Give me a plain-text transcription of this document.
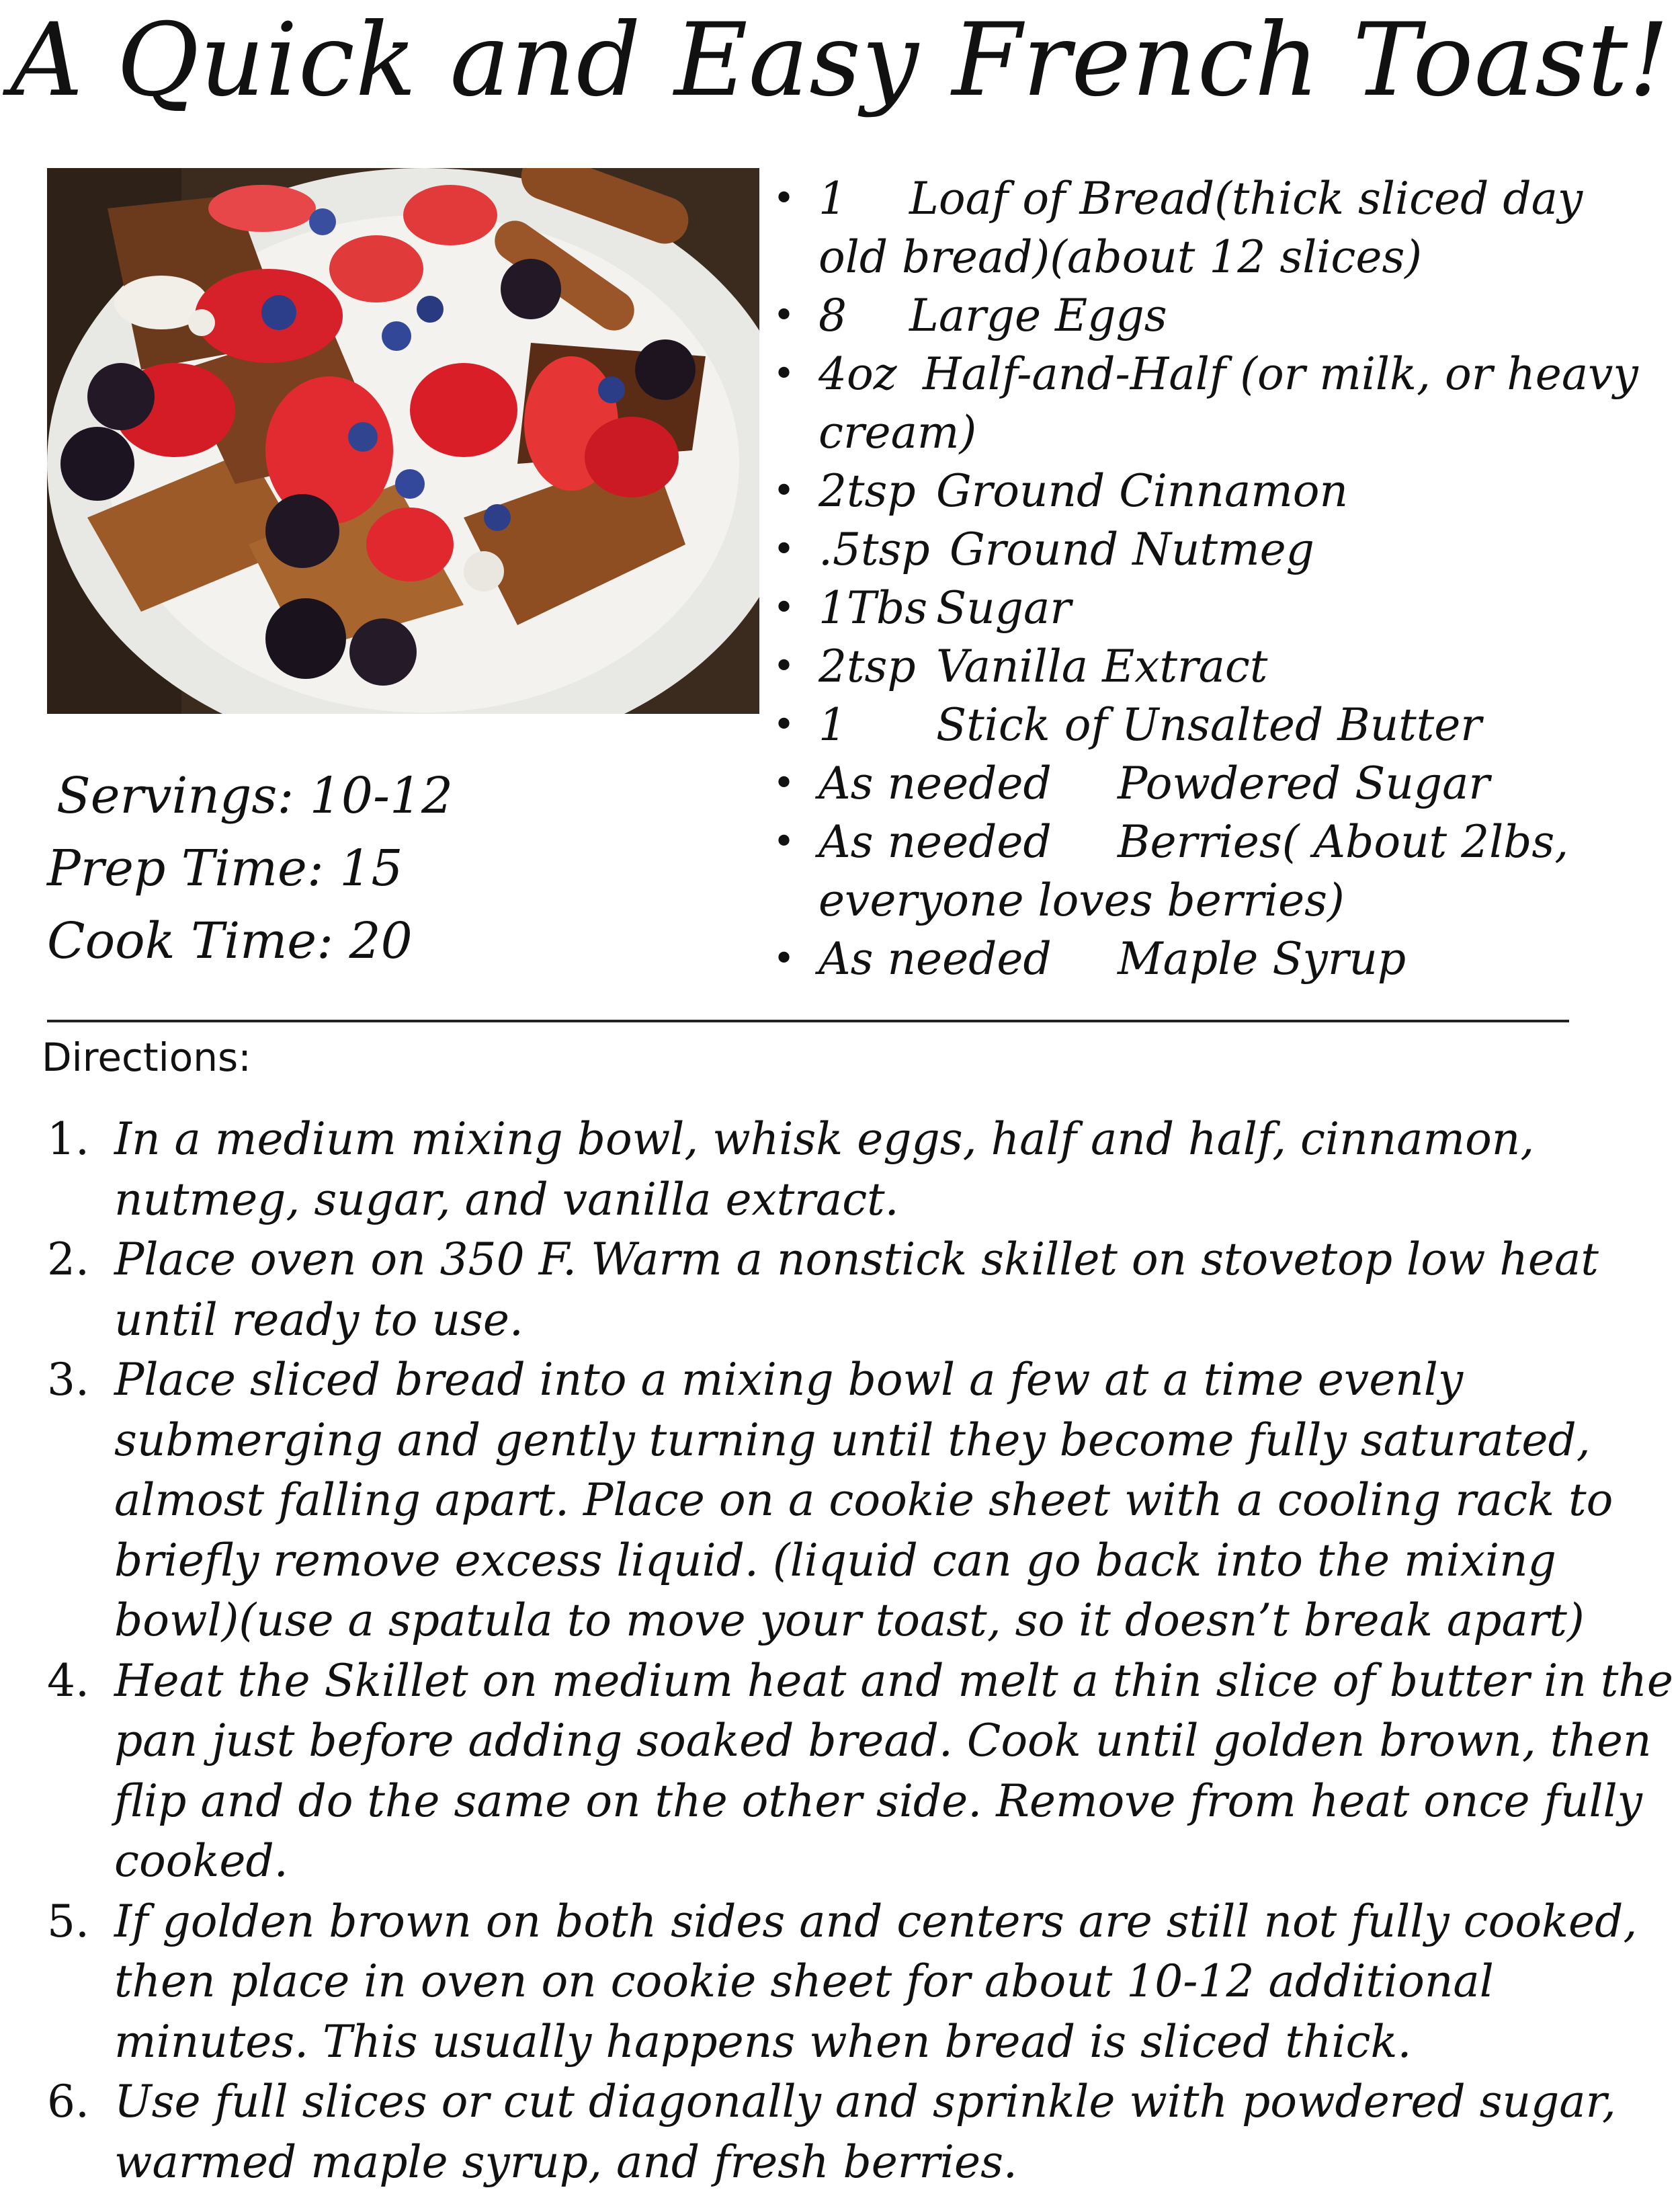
A Quick and Easy French Toast!
Servings: 10-12
Prep Time: 15
Cook Time: 20
• 1 Loaf of Bread(thick sliced day old bread)(about 12 slices)
• 8 Large Eggs
• 4oz Half-and-Half (or milk, or heavy cream)
• 2tsp Ground Cinnamon
• .5tsp Ground Nutmeg
• 1Tbs Sugar
• 2tsp Vanilla Extract
• 1 Stick of Unsalted Butter
• As needed Powdered Sugar
• As needed Berries( About 2lbs, everyone loves berries)
• As needed Maple Syrup
Directions:
1. In a medium mixing bowl, whisk eggs, half and half, cinnamon, nutmeg, sugar, and vanilla extract.
2. Place oven on 350 F. Warm a nonstick skillet on stovetop low heat until ready to use.
3. Place sliced bread into a mixing bowl a few at a time evenly submerging and gently turning until they become fully saturated, almost falling apart. Place on a cookie sheet with a cooling rack to briefly remove excess liquid. (liquid can go back into the mixing bowl)(use a spatula to move your toast, so it doesn’t break apart)
4. Heat the Skillet on medium heat and melt a thin slice of butter in the pan just before adding soaked bread. Cook until golden brown, then flip and do the same on the other side. Remove from heat once fully cooked.
5. If golden brown on both sides and centers are still not fully cooked, then place in oven on cookie sheet for about 10-12 additional minutes. This usually happens when bread is sliced thick.
6. Use full slices or cut diagonally and sprinkle with powdered sugar, warmed maple syrup, and fresh berries.
